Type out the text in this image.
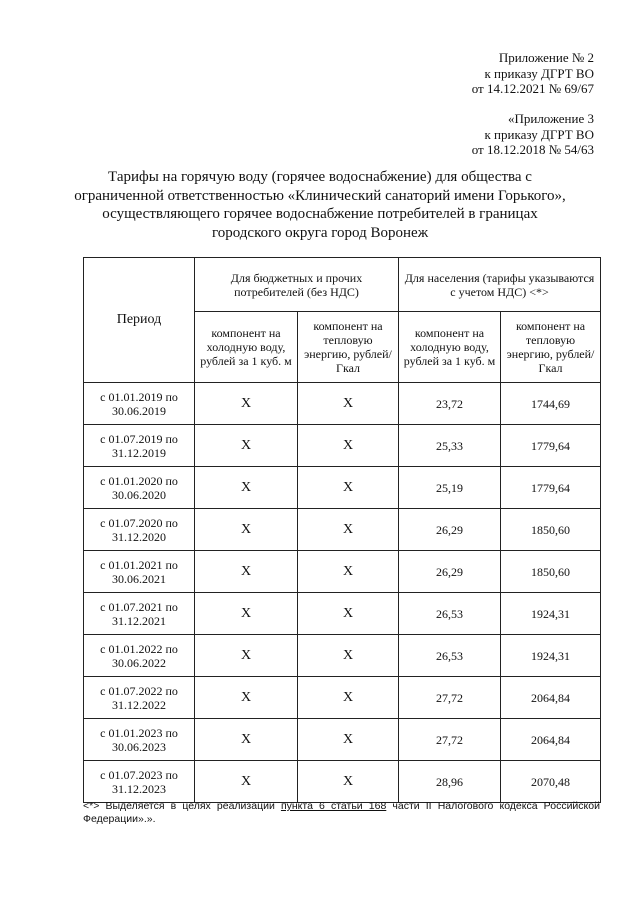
Приложение № 2
к приказу ДГРТ ВО
от 14.12.2021 № 69/67
«Приложение 3
к приказу ДГРТ ВО
от 18.12.2018 № 54/63
Тарифы на горячую воду (горячее водоснабжение) для общества с
ограниченной ответственностью «Клинический санаторий имени Горького»,
осуществляющего горячее водоснабжение потребителей в границах
городского округа город Воронеж
Период	Для бюджетных и прочих потребителей (без НДС)		Для населения (тарифы указываются с учетом НДС) <*>	
	компонент на холодную воду, рублей за 1 куб. м	компонент на тепловую энергию, рублей/Гкал	компонент на холодную воду, рублей за 1 куб. м	компонент на тепловую энергию, рублей/Гкал
с 01.01.2019 по
30.06.2019	X	X	23,72	1744,69
с 01.07.2019 по
31.12.2019	X	X	25,33	1779,64
с 01.01.2020 по
30.06.2020	X	X	25,19	1779,64
с 01.07.2020 по
31.12.2020	X	X	26,29	1850,60
с 01.01.2021 по
30.06.2021	X	X	26,29	1850,60
с 01.07.2021 по
31.12.2021	X	X	26,53	1924,31
с 01.01.2022 по
30.06.2022	X	X	26,53	1924,31
с 01.07.2022 по
31.12.2022	X	X	27,72	2064,84
с 01.01.2023 по
30.06.2023	X	X	27,72	2064,84
с 01.07.2023 по
31.12.2023	X	X	28,96	2070,48
<*> Выделяется в целях реализации пункта 6 статьи 168 части II Налогового кодекса Российской Федерации».».
